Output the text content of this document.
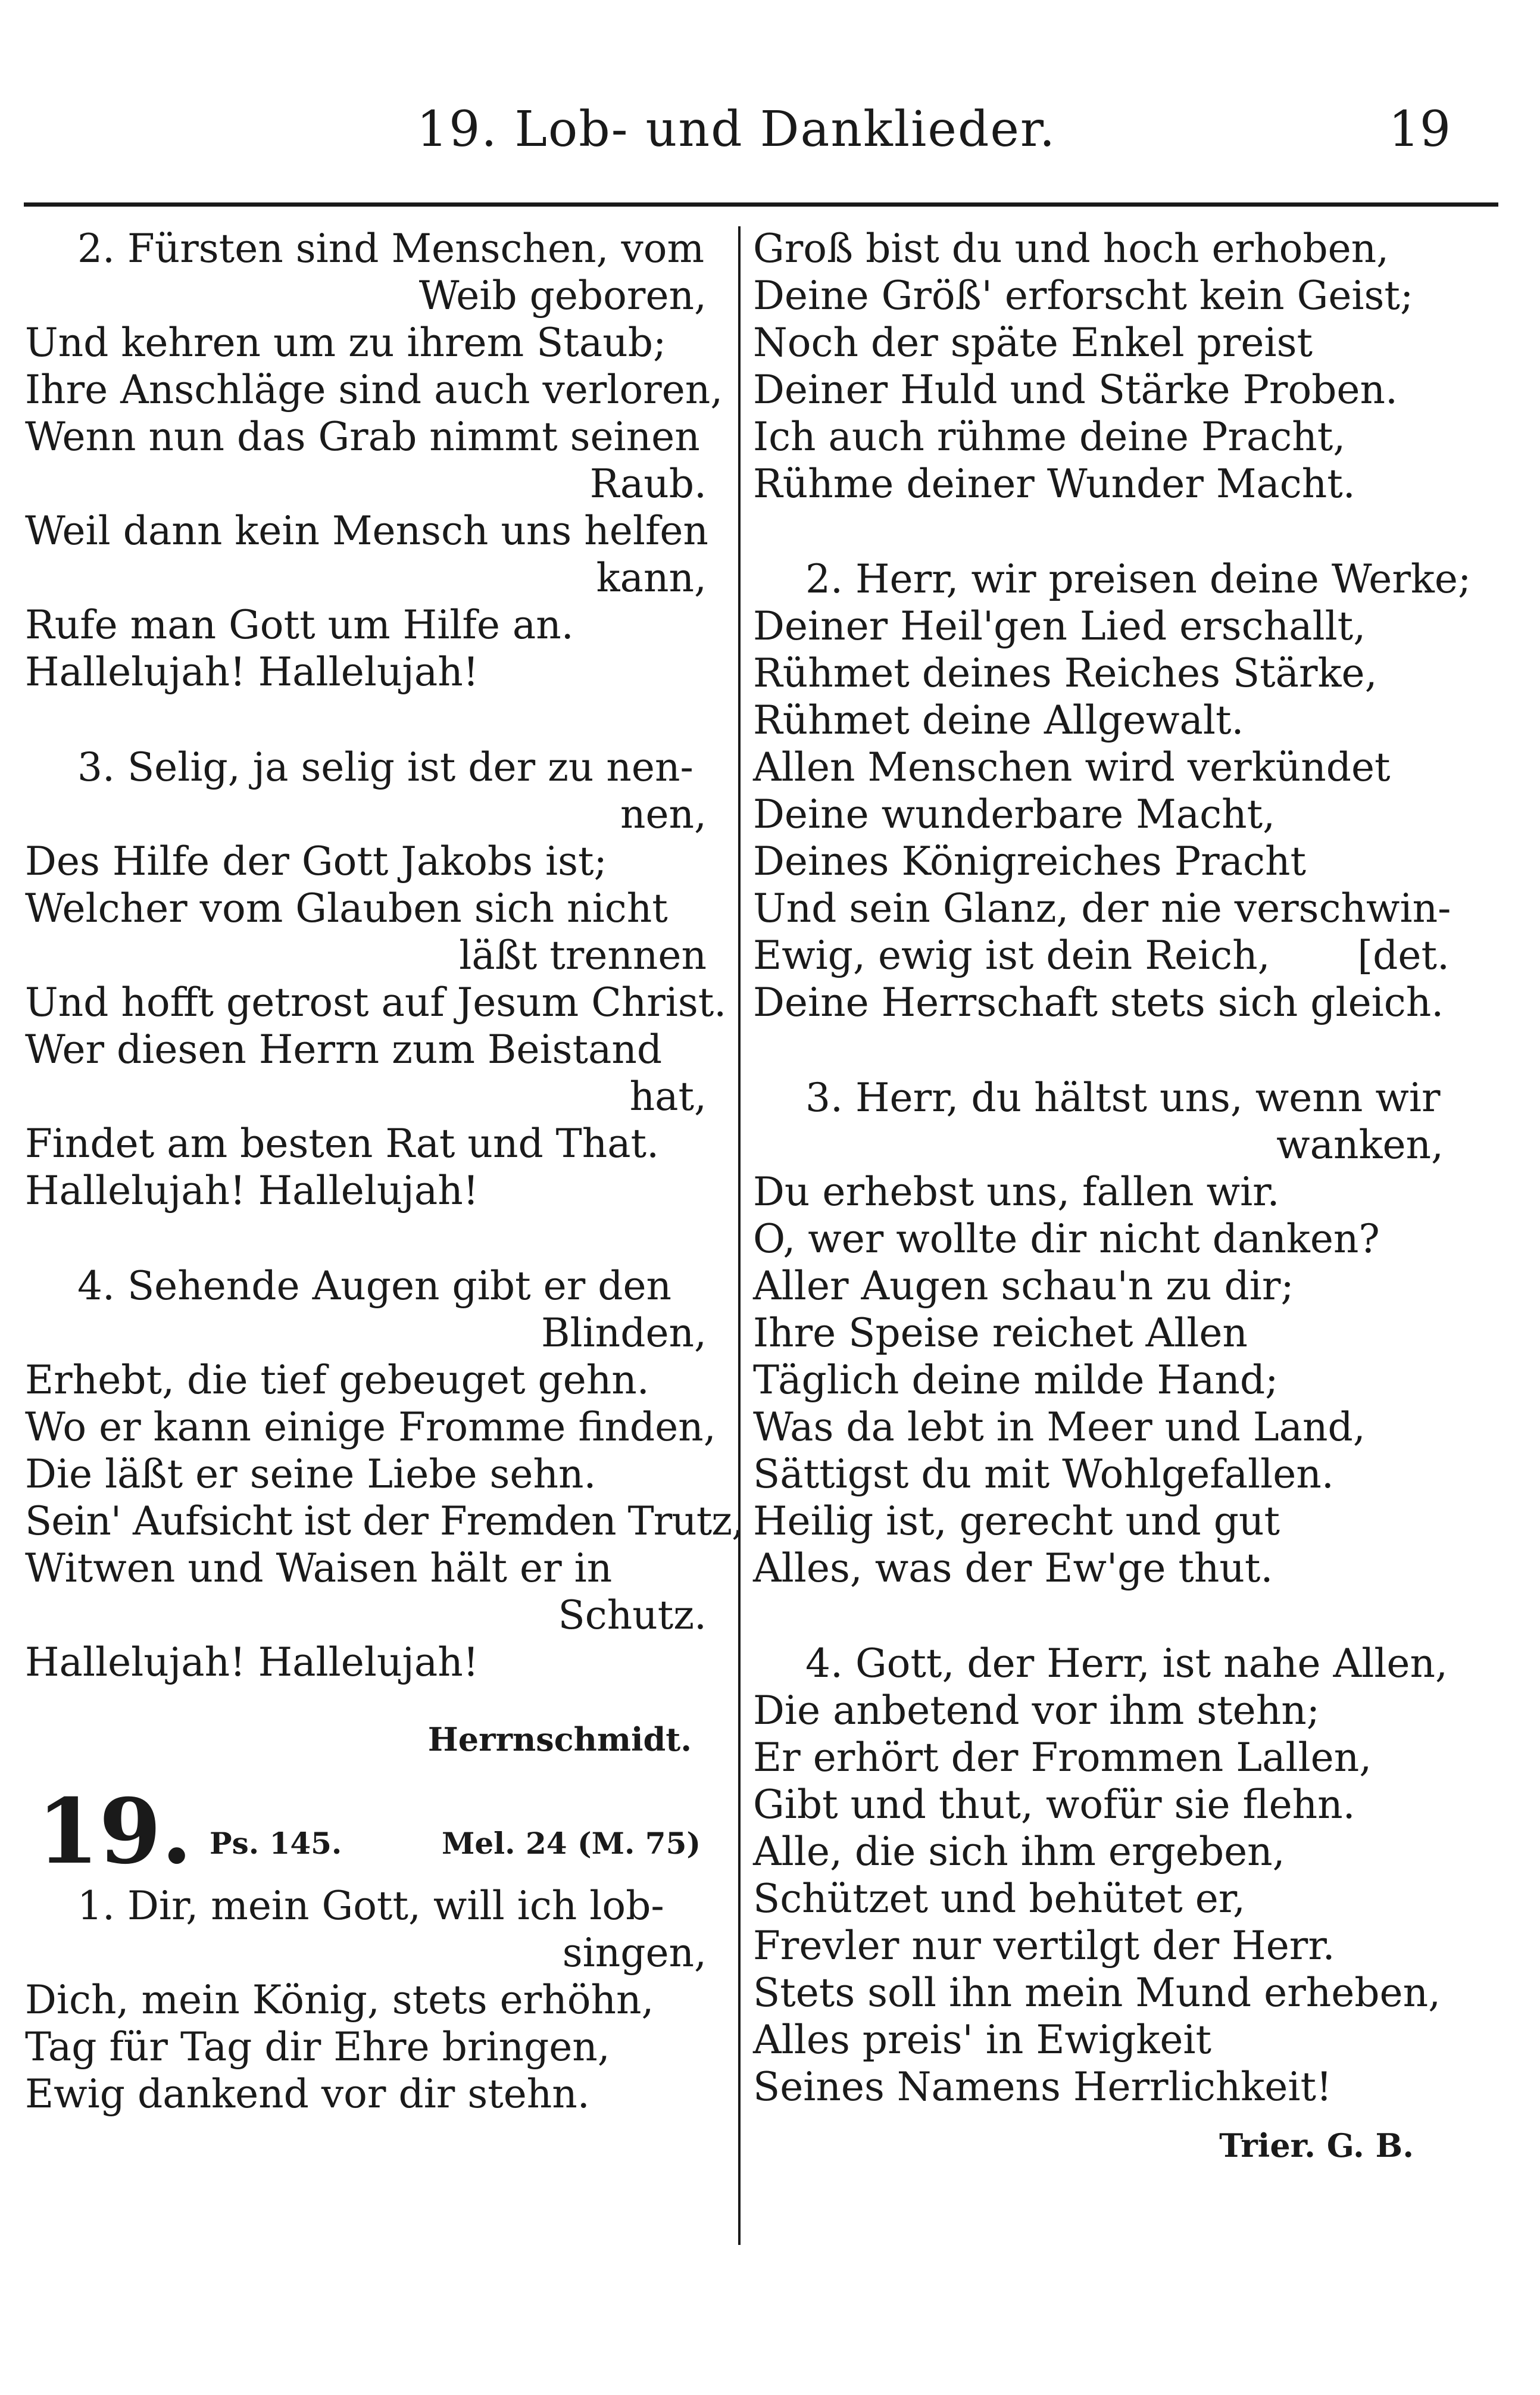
19. Lob- und Danklieder.	19
2. Fürsten sind Menschen, vom
Weib geboren,
Und kehren um zu ihrem Staub;
Ihre Anschläge sind auch verloren,
Wenn nun das Grab nimmt seinen
Raub.
Weil dann kein Mensch uns helfen
kann,
Rufe man Gott um Hilfe an.
Hallelujah! Hallelujah!
3. Selig, ja selig ist der zu nen-
nen,
Des Hilfe der Gott Jakobs ist;
Welcher vom Glauben sich nicht
läßt trennen
Und hofft getrost auf Jesum Christ.
Wer diesen Herrn zum Beistand
hat,
Findet am besten Rat und That.
Hallelujah! Hallelujah!
4. Sehende Augen gibt er den
Blinden,
Erhebt, die tief gebeuget gehn.
Wo er kann einige Fromme finden,
Die läßt er seine Liebe sehn.
Sein' Aufsicht ist der Fremden Trutz,
Witwen und Waisen hält er in
Schutz.
Hallelujah! Hallelujah!
Herrnschmidt.
19. Ps. 145.	Mel. 24 (M. 75)
1. Dir, mein Gott, will ich lob-
singen,
Dich, mein König, stets erhöhn,
Tag für Tag dir Ehre bringen,
Ewig dankend vor dir stehn.
Groß bist du und hoch erhoben,
Deine Größ' erforscht kein Geist;
Noch der späte Enkel preist
Deiner Huld und Stärke Proben.
Ich auch rühme deine Pracht,
Rühme deiner Wunder Macht.
2. Herr, wir preisen deine Werke;
Deiner Heil'gen Lied erschallt,
Rühmet deines Reiches Stärke,
Rühmet deine Allgewalt.
Allen Menschen wird verkündet
Deine wunderbare Macht,
Deines Königreiches Pracht
Und sein Glanz, der nie verschwin-
Ewig, ewig ist dein Reich,       [det.
Deine Herrschaft stets sich gleich.
3. Herr, du hältst uns, wenn wir
wanken,
Du erhebst uns, fallen wir.
O, wer wollte dir nicht danken?
Aller Augen schau'n zu dir;
Ihre Speise reichet Allen
Täglich deine milde Hand;
Was da lebt in Meer und Land,
Sättigst du mit Wohlgefallen.
Heilig ist, gerecht und gut
Alles, was der Ew'ge thut.
4. Gott, der Herr, ist nahe Allen,
Die anbetend vor ihm stehn;
Er erhört der Frommen Lallen,
Gibt und thut, wofür sie flehn.
Alle, die sich ihm ergeben,
Schützet und behütet er,
Frevler nur vertilgt der Herr.
Stets soll ihn mein Mund erheben,
Alles preis' in Ewigkeit
Seines Namens Herrlichkeit!
Trier. G. B.
